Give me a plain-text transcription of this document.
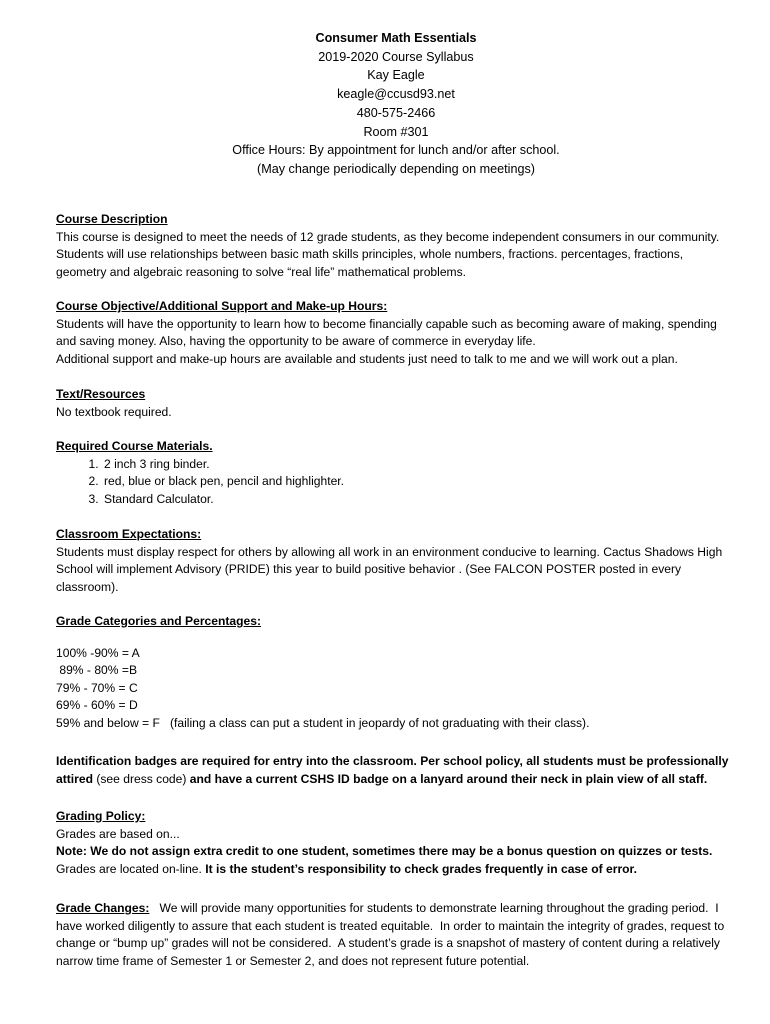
Consumer Math Essentials
2019-2020 Course Syllabus
Kay Eagle
keagle@ccusd93.net
480-575-2466
Room #301
Office Hours: By appointment for lunch and/or after school.
(May change periodically depending on meetings)
Course Description

This course is designed to meet the needs of 12 grade students, as they become independent consumers in our community. Students will use relationships between basic math skills principles, whole numbers, fractions. percentages, fractions, geometry and algebraic reasoning to solve “real life” mathematical problems.

Course Objective/Additional Support and Make-up Hours:

Students will have the opportunity to learn how to become financially capable such as becoming aware of making, spending and saving money. Also, having the opportunity to be aware of commerce in everyday life.

Additional support and make-up hours are available and students just need to talk to me and we will work out a plan.

Text/Resources

No textbook required.

Required Course Materials.
1. 2 inch 3 ring binder.
2. red, blue or black pen, pencil and highlighter.
3. Standard Calculator.
Classroom Expectations:

Students must display respect for others by allowing all work in an environment conducive to learning. Cactus Shadows High School will implement Advisory (PRIDE) this year to build positive behavior . (See FALCON POSTER posted in every classroom).

Grade Categories and Percentages:
100% -90% = A
89% - 80% =B
79% - 70% = C
69% - 60% = D
59% and below = F   (failing a class can put a student in jeopardy of not graduating with their class).

Identification badges are required for entry into the classroom. Per school policy, all students must be professionally attired (see dress code) and have a current CSHS ID badge on a lanyard around their neck in plain view of all staff.

Grading Policy:

Grades are based on...

Note: We do not assign extra credit to one student, sometimes there may be a bonus question on quizzes or tests.

Grades are located on-line. It is the student’s responsibility to check grades frequently in case of error.

Grade Changes:   We will provide many opportunities for students to demonstrate learning throughout the grading period.  I have worked diligently to assure that each student is treated equitable.  In order to maintain the integrity of grades, request to change or “bump up” grades will not be considered.  A student’s grade is a snapshot of mastery of content during a relatively narrow time frame of Semester 1 or Semester 2, and does not represent future potential.
